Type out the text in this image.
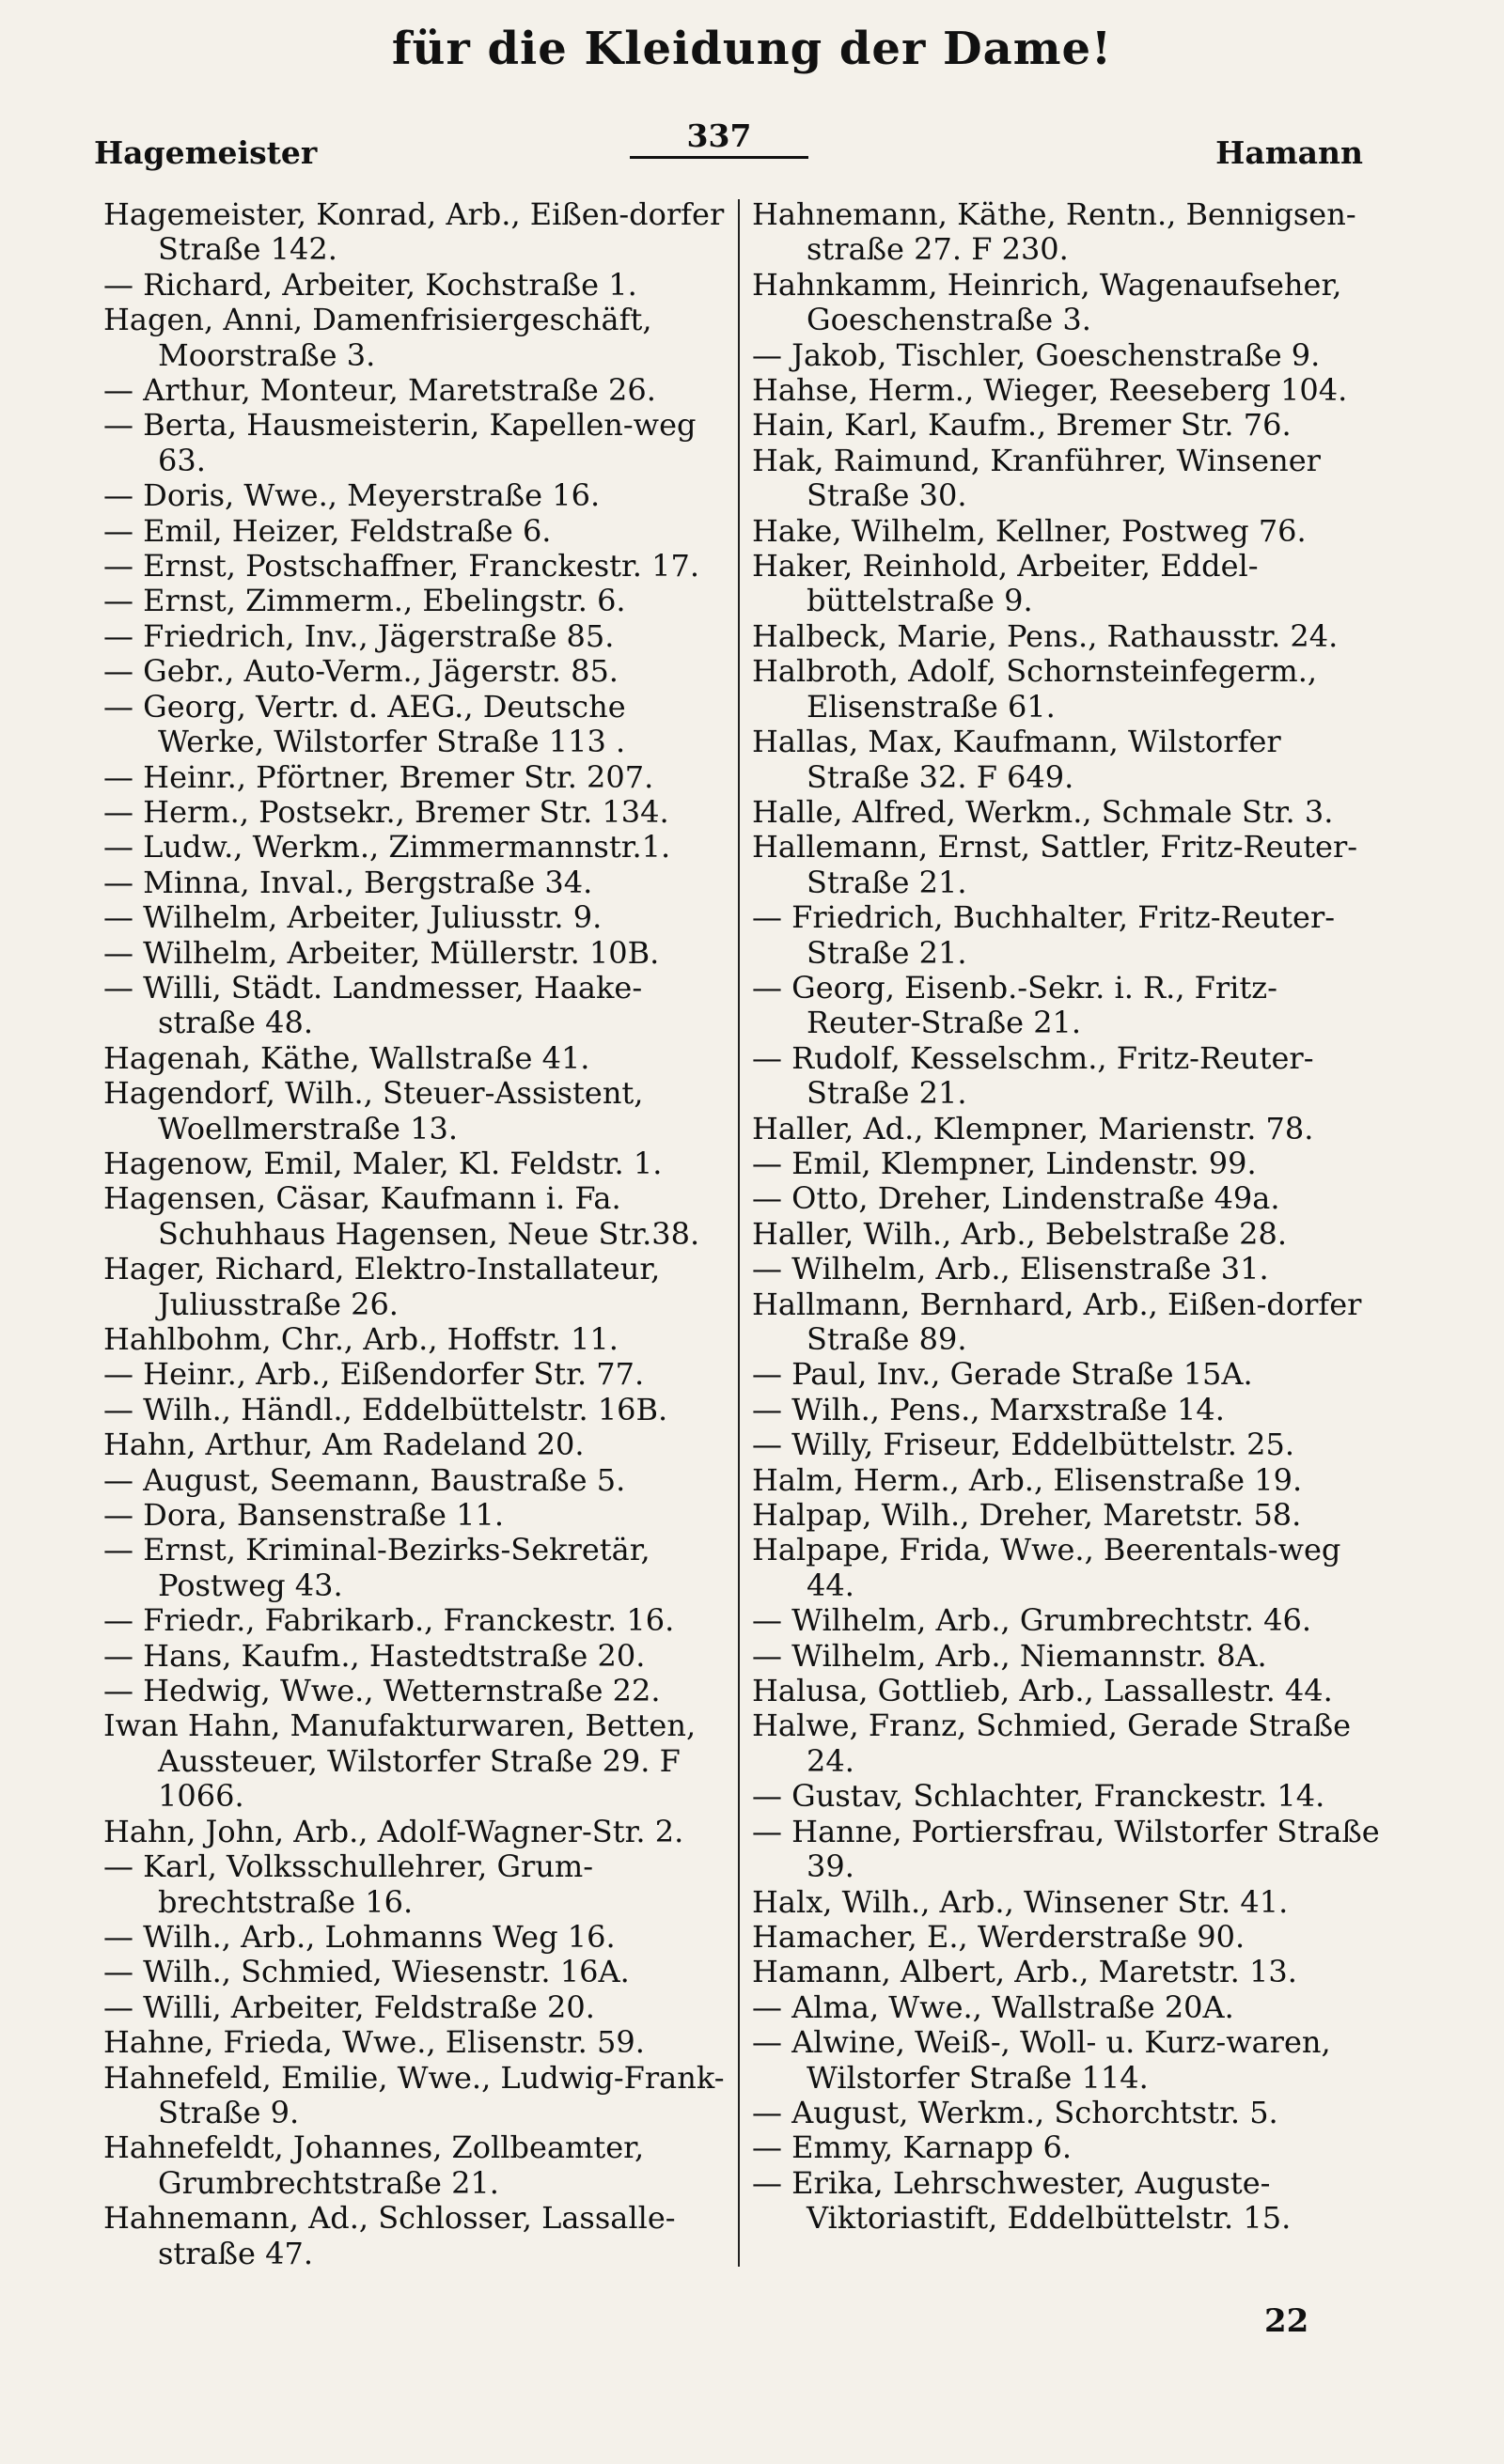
für die Kleidung der Dame!
Hagemeister	337	Hamann

Hagemeister, Konrad, Arb., Eißen-dorfer Straße 142.

— Richard, Arbeiter, Kochstraße 1.

Hagen, Anni, Damenfrisiergeschäft, Moorstraße 3.

— Arthur, Monteur, Maretstraße 26.

— Berta, Hausmeisterin, Kapellen-weg 63.

— Doris, Wwe., Meyerstraße 16.

— Emil, Heizer, Feldstraße 6.

— Ernst, Postschaffner, Franckestr. 17.

— Ernst, Zimmerm., Ebelingstr. 6.

— Friedrich, Inv., Jägerstraße 85.

— Gebr., Auto-Verm., Jägerstr. 85.

— Georg, Vertr. d. AEG., Deutsche Werke, Wilstorfer Straße 113 .

— Heinr., Pförtner, Bremer Str. 207.

— Herm., Postsekr., Bremer Str. 134.

— Ludw., Werkm., Zimmermannstr.1.

— Minna, Inval., Bergstraße 34.

— Wilhelm, Arbeiter, Juliusstr. 9.

— Wilhelm, Arbeiter, Müllerstr. 10B.

— Willi, Städt. Landmesser, Haake-straße 48.

Hagenah, Käthe, Wallstraße 41.

Hagendorf, Wilh., Steuer-Assistent, Woellmerstraße 13.

Hagenow, Emil, Maler, Kl. Feldstr. 1.

Hagensen, Cäsar, Kaufmann i. Fa. Schuhhaus Hagensen, Neue Str.38.

Hager, Richard, Elektro-Installateur, Juliusstraße 26.

Hahlbohm, Chr., Arb., Hoffstr. 11.

— Heinr., Arb., Eißendorfer Str. 77.

— Wilh., Händl., Eddelbüttelstr. 16B.

Hahn, Arthur, Am Radeland 20.

— August, Seemann, Baustraße 5.

— Dora, Bansenstraße 11.

— Ernst, Kriminal-Bezirks-Sekretär, Postweg 43.

— Friedr., Fabrikarb., Franckestr. 16.

— Hans, Kaufm., Hastedtstraße 20.

— Hedwig, Wwe., Wetternstraße 22.

Iwan Hahn, Manufakturwaren, Betten, Aussteuer, Wilstorfer Straße 29. F 1066.

Hahn, John, Arb., Adolf-Wagner-Str. 2.

— Karl, Volksschullehrer, Grum-brechtstraße 16.

— Wilh., Arb., Lohmanns Weg 16.

— Wilh., Schmied, Wiesenstr. 16A.

— Willi, Arbeiter, Feldstraße 20.

Hahne, Frieda, Wwe., Elisenstr. 59.

Hahnefeld, Emilie, Wwe., Ludwig-Frank-Straße 9.

Hahnefeldt, Johannes, Zollbeamter, Grumbrechtstraße 21.

Hahnemann, Ad., Schlosser, Lassalle-straße 47.

Hahnemann, Käthe, Rentn., Bennigsen-straße 27. F 230.

Hahnkamm, Heinrich, Wagenaufseher, Goeschenstraße 3.

— Jakob, Tischler, Goeschenstraße 9.

Hahse, Herm., Wieger, Reeseberg 104.

Hain, Karl, Kaufm., Bremer Str. 76.

Hak, Raimund, Kranführer, Winsener Straße 30.

Hake, Wilhelm, Kellner, Postweg 76.

Haker, Reinhold, Arbeiter, Eddel-büttelstraße 9.

Halbeck, Marie, Pens., Rathausstr. 24.

Halbroth, Adolf, Schornsteinfegerm., Elisenstraße 61.

Hallas, Max, Kaufmann, Wilstorfer Straße 32. F 649.

Halle, Alfred, Werkm., Schmale Str. 3.

Hallemann, Ernst, Sattler, Fritz-Reuter-Straße 21.

— Friedrich, Buchhalter, Fritz-Reuter-Straße 21.

— Georg, Eisenb.-Sekr. i. R., Fritz-Reuter-Straße 21.

— Rudolf, Kesselschm., Fritz-Reuter-Straße 21.

Haller, Ad., Klempner, Marienstr. 78.

— Emil, Klempner, Lindenstr. 99.

— Otto, Dreher, Lindenstraße 49a.

Haller, Wilh., Arb., Bebelstraße 28.

— Wilhelm, Arb., Elisenstraße 31.

Hallmann, Bernhard, Arb., Eißen-dorfer Straße 89.

— Paul, Inv., Gerade Straße 15A.

— Wilh., Pens., Marxstraße 14.

— Willy, Friseur, Eddelbüttelstr. 25.

Halm, Herm., Arb., Elisenstraße 19.

Halpap, Wilh., Dreher, Maretstr. 58.

Halpape, Frida, Wwe., Beerentals-weg 44.

— Wilhelm, Arb., Grumbrechtstr. 46.

— Wilhelm, Arb., Niemannstr. 8A.

Halusa, Gottlieb, Arb., Lassallestr. 44.

Halwe, Franz, Schmied, Gerade Straße 24.

— Gustav, Schlachter, Franckestr. 14.

— Hanne, Portiersfrau, Wilstorfer Straße 39.

Halx, Wilh., Arb., Winsener Str. 41.

Hamacher, E., Werderstraße 90.

Hamann, Albert, Arb., Maretstr. 13.

— Alma, Wwe., Wallstraße 20A.

— Alwine, Weiß-, Woll- u. Kurz-waren, Wilstorfer Straße 114.

— August, Werkm., Schorchtstr. 5.

— Emmy, Karnapp 6.

— Erika, Lehrschwester, Auguste-Viktoriastift, Eddelbüttelstr. 15.

22
